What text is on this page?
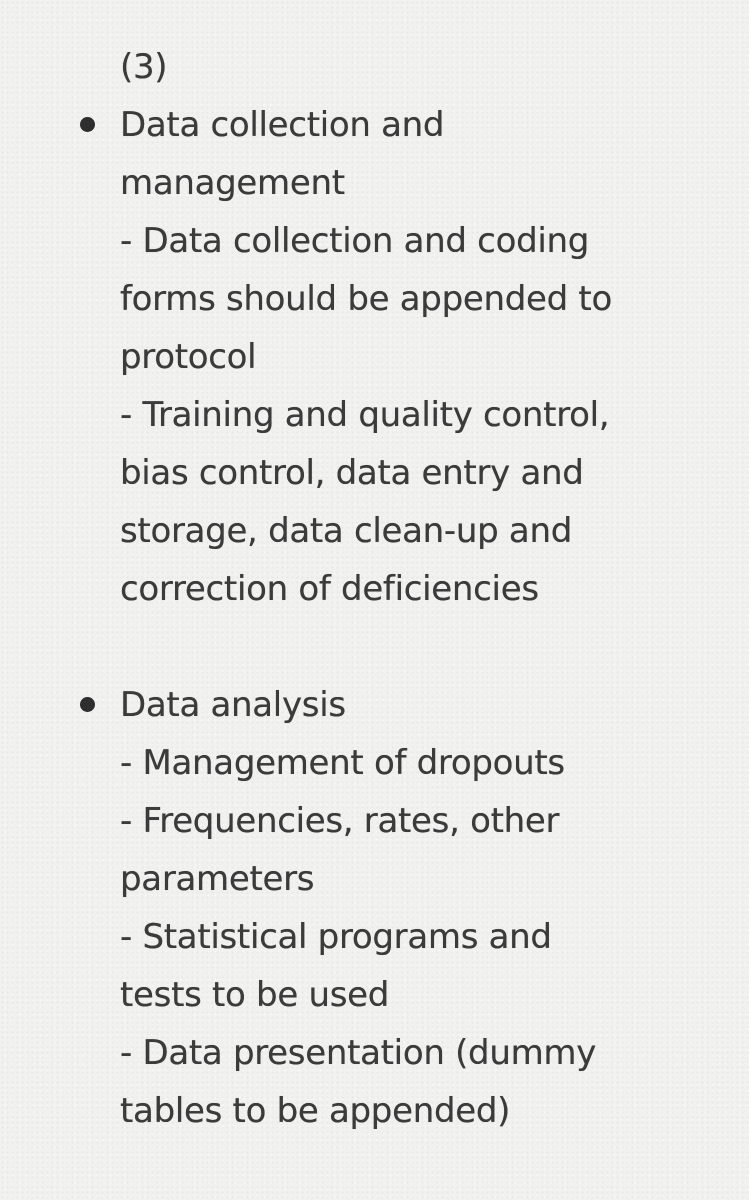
(3)

Data collection and

management

- Data collection and coding

forms should be appended to

protocol

- Training and quality control,

bias control, data entry and

storage, data clean-up and

correction of deficiencies

Data analysis

- Management of dropouts

- Frequencies, rates, other

parameters

- Statistical programs and

tests to be used

- Data presentation (dummy

tables to be appended)
